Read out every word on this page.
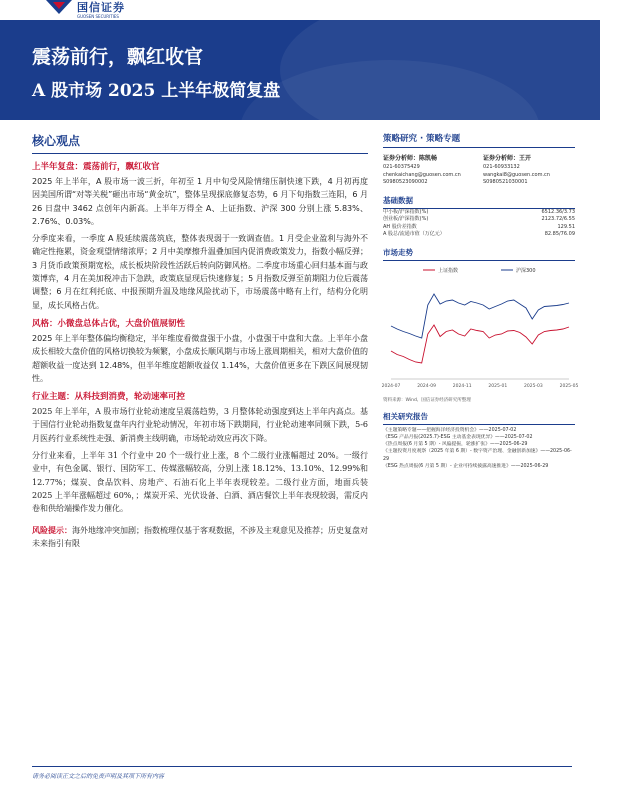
国信证券
GUOSEN SECURITIES
震荡前行，飘红收官
A 股市场 2025 上半年极简复盘
核心观点
上半年复盘：震荡前行，飘红收官
2025 年上半年，A 股市场一波三折，年初至 1 月中旬受风险情绪压制快速下跌，4 月初再度因美国所谓“对等关税”砸出市场“黄金坑”，整体呈现探底修复态势，6 月下旬指数三连阳，6 月 26 日盘中 3462 点创年内新高。上半年万得全 A、上证指数、沪深 300 分别上涨 5.83%、2.76%、0.03%。
分季度来看，一季度 A 股延续震荡筑底，整体表现弱于一致调查值。1 月受企业盈利与海外不确定性拖累，资金观望情绪浓厚；2 月中美摩擦升温叠加国内促消费政策发力，指数小幅反弹；3 月货币政策预期宽松，成长板块阶段性活跃后转向防御风格。二季度市场重心回归基本面与政策博弈，4 月在美加税冲击下急跌，政策底显现后快速修复；5 月指数反弹至前期阻力位后震荡调整；6 月在红利托底、中报预期升温及地缘风险扰动下，市场震荡中略有上行，结构分化明显，成长风格占优。
风格：小微盘总体占优，大盘价值展韧性
2025 年上半年整体偏均衡稳定，半年维度看微盘强于小盘，小盘强于中盘和大盘。上半年小盘成长相较大盘价值的风格切换较为频繁，小盘成长顺风期与市场上涨周期相关，相对大盘价值的超额收益一度达到 12.48%，但半年维度超额收益仅 1.14%，大盘价值更多在下跌区间展现韧性。
行业主题：从科技到消费，轮动速率可控
2025 年上半年，A 股市场行业轮动速度呈震荡趋势，3 月整体轮动强度到达上半年内高点。基于国信行业轮动指数复盘年内行业轮动情况，年初市场下跌期间，行业轮动速率同频下跌，5-6 月医药行业系统性走强、新消费主线明确，市场轮动效应再次下降。
分行业来看，上半年 31 个行业中 20 个一级行业上涨，8 个二级行业涨幅超过 20%。一级行业中，有色金属、银行、国防军工、传媒涨幅较高，分别上涨 18.12%、13.10%、12.99%和 12.77%；煤炭、食品饮料、房地产、石油石化上半年表现较差。二级行业方面，地面兵装 2025 上半年涨幅超过 60%，；煤炭开采、光伏设备、白酒、酒店餐饮上半年表现较弱，需反内卷和供给端操作发力催化。
风险提示：海外地缘冲突加剧；指数梳理仅基于客观数据，不涉及主观意见及推荐；历史复盘对未来指引有限
策略研究 · 策略专题
证券分析师：陈凯畅
021-60375429
chenkaichang@guosen.com.cn
S0980523090002
证券分析师：王开
021-60933132
wangkai8@guosen.com.cn
S0980521030001
基础数据
中小板/沪深指数(%)	6512.36/3.73
创业板/沪深指数(%)	2123.72/6.55
AH 股价差指数	129.51
A 股总/流通市值（万亿元）	82.85/76.09
市场走势
上证指数	沪深300
2024-07	2024-09	2024-11	2025-01	2025-03	2025-05
资料来源：Wind、国信证券经济研究所整理
相关研究报告
《主题策略专题——把握海洋经济投资机会》——2025-07-02
《ESG 产品月报(2025.7)-ESG 主动基金表现优异》——2025-07-02
《热点周报(6 月第 5 期）- 风偏提振，轮涨扩张》——2025-06-29
《主题投资月度观察（2025 年第 6 期）- 数字资产治理、金融创新加速》——2025-06-29
《ESG 热点周报(6 月第 5 期）- 企业可持续披露高速推进》——2025-06-29
请务必阅读正文之后的免责声明及其项下所有内容
